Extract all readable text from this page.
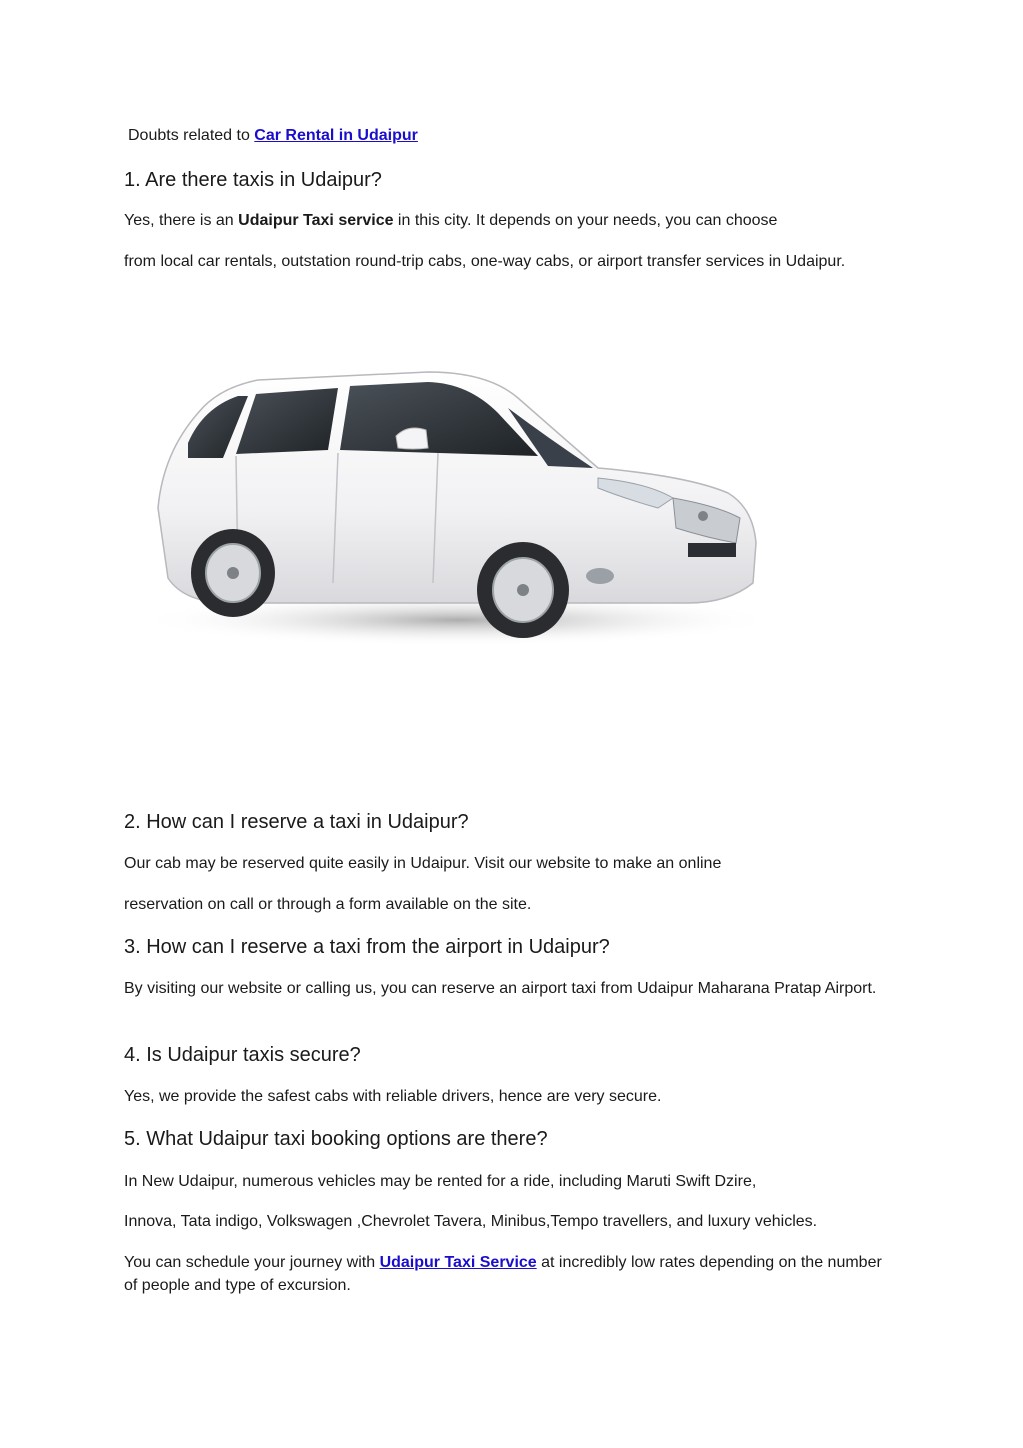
Doubts related to Car Rental in Udaipur
1. Are there taxis in Udaipur?

Yes, there is an Udaipur Taxi service in this city. It depends on your needs, you can choose

from local car rentals, outstation round-trip cabs, one-way cabs, or airport transfer services in Udaipur.

2. How can I reserve a taxi in Udaipur?

Our cab may be reserved quite easily in Udaipur. Visit our website to make an online

reservation on call or through a form available on the site.

3. How can I reserve a taxi from the airport in Udaipur?

By visiting our website or calling us, you can reserve an airport taxi from Udaipur Maharana Pratap Airport.

4. Is Udaipur taxis secure?

Yes, we provide the safest cabs with reliable drivers, hence are very secure.

5. What Udaipur taxi booking options are there?

In New Udaipur, numerous vehicles may be rented for a ride, including Maruti Swift Dzire,

Innova, Tata indigo, Volkswagen ,Chevrolet Tavera, Minibus,Tempo travellers, and luxury vehicles.

You can schedule your journey with Udaipur Taxi Service at incredibly low rates depending on the number of people and type of excursion.
